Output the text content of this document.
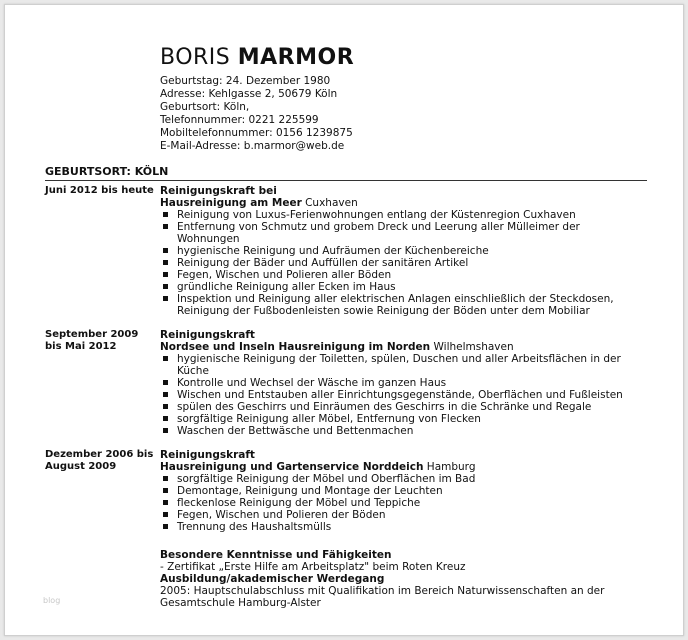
BORIS MARMOR
Geburtstag: 24. Dezember 1980
Adresse: Kehlgasse 2, 50679 Köln
Geburtsort: Köln,
Telefonnummer: 0221 225599
Mobiltelefonnummer: 0156 1239875
E-Mail-Adresse: b.marmor@web.de
GEBURTSORT: KÖLN
Juni 2012 bis heute Reinigungskraft bei
Hausreinigung am Meer Cuxhaven
Reinigung von Luxus-Ferienwohnungen entlang der Küstenregion Cuxhaven
Entfernung von Schmutz und grobem Dreck und Leerung aller Mülleimer der Wohnungen
hygienische Reinigung und Aufräumen der Küchenbereiche
Reinigung der Bäder und Auffüllen der sanitären Artikel
Fegen, Wischen und Polieren aller Böden
gründliche Reinigung aller Ecken im Haus
Inspektion und Reinigung aller elektrischen Anlagen einschließlich der Steckdosen, Reinigung der Fußbodenleisten sowie Reinigung der Böden unter dem Mobiliar
September 2009 bis Mai 2012
Reinigungskraft
Nordsee und Inseln Hausreinigung im Norden Wilhelmshaven
hygienische Reinigung der Toiletten, spülen, Duschen und aller Arbeitsflächen in der Küche
Kontrolle und Wechsel der Wäsche im ganzen Haus
Wischen und Entstauben aller Einrichtungsgegenstände, Oberflächen und Fußleisten
spülen des Geschirrs und Einräumen des Geschirrs in die Schränke und Regale
sorgfältige Reinigung aller Möbel, Entfernung von Flecken
Waschen der Bettwäsche und Bettenmachen
Dezember 2006 bis August 2009
Reinigungskraft
Hausreinigung und Gartenservice Norddeich Hamburg
sorgfältige Reinigung der Möbel und Oberflächen im Bad
Demontage, Reinigung und Montage der Leuchten
fleckenlose Reinigung der Möbel und Teppiche
Fegen, Wischen und Polieren der Böden
Trennung des Haushaltsmülls
Besondere Kenntnisse und Fähigkeiten
- Zertifikat „Erste Hilfe am Arbeitsplatz" beim Roten Kreuz
Ausbildung/akademischer Werdegang
2005: Hauptschulabschluss mit Qualifikation im Bereich Naturwissenschaften an der Gesamtschule Hamburg-Alster
blog
